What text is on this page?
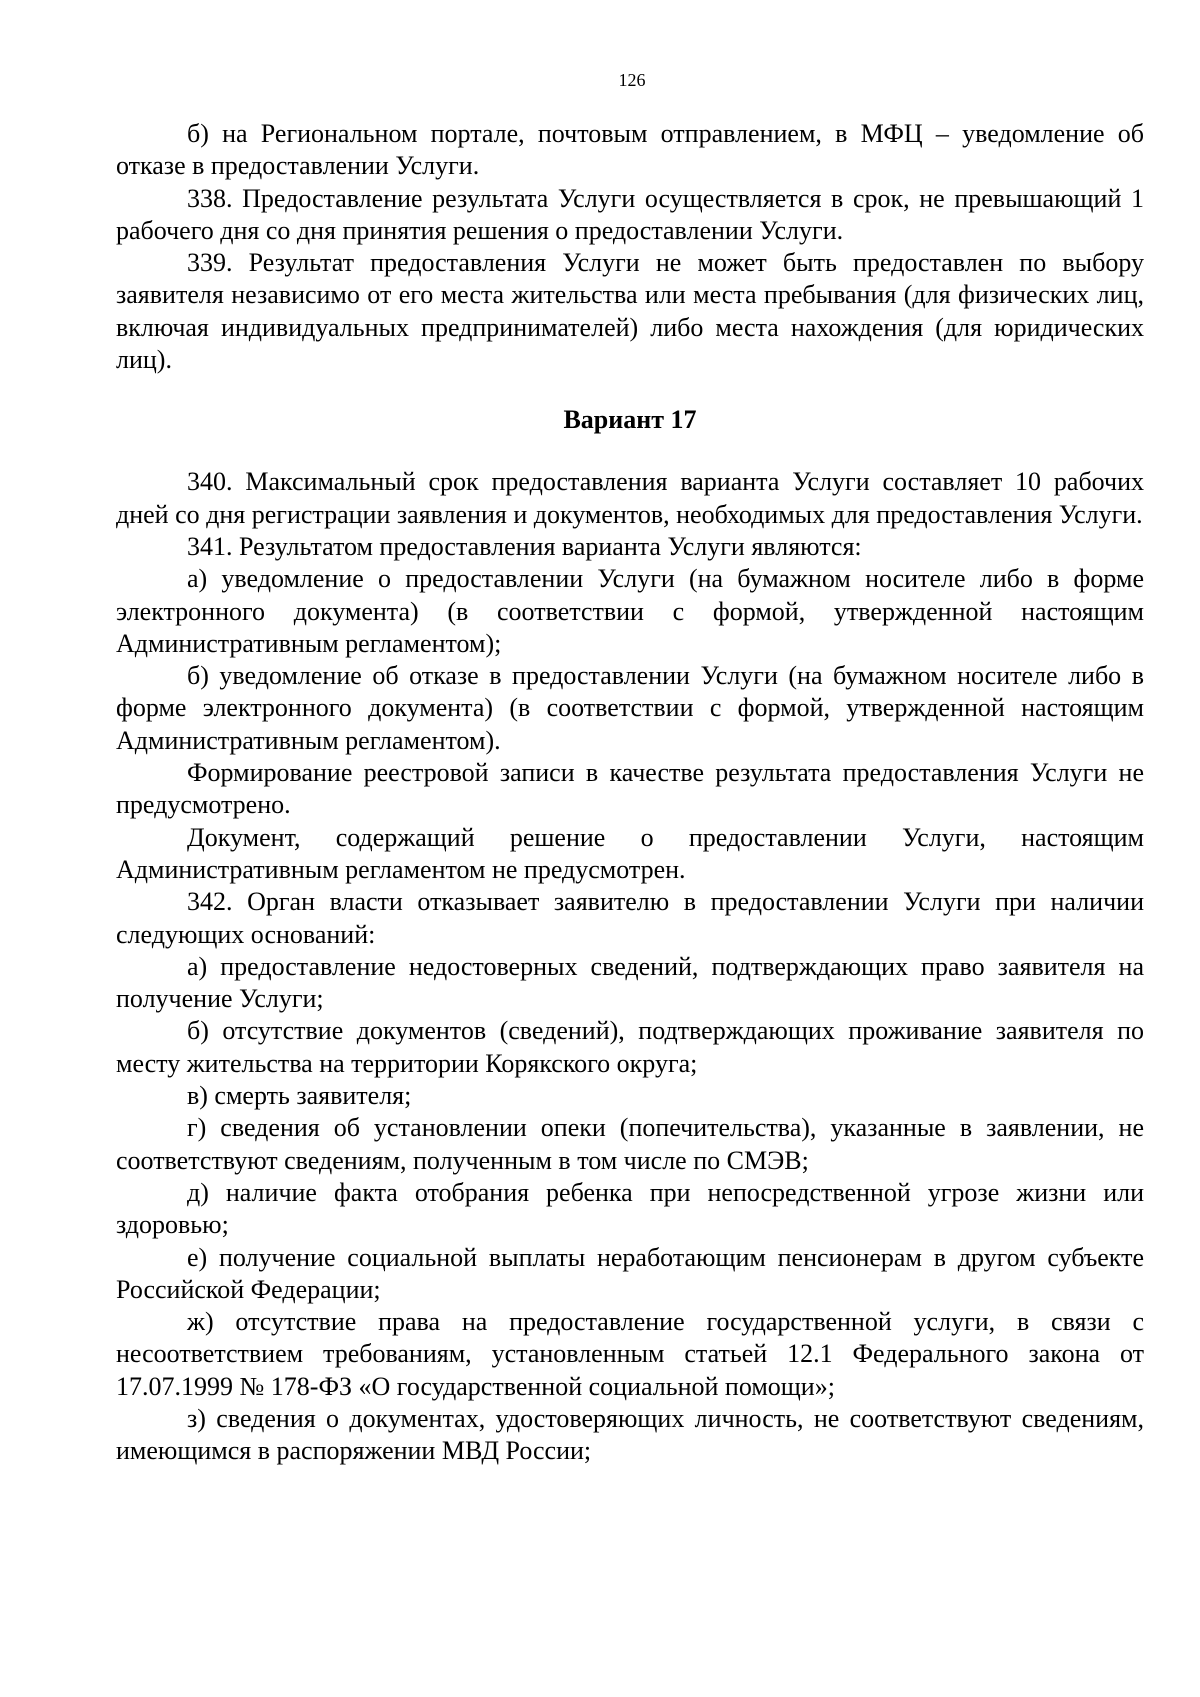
126

б) на Региональном портале, почтовым отправлением, в МФЦ – уведомление об отказе в предоставлении Услуги.

338. Предоставление результата Услуги осуществляется в срок, не превышающий 1 рабочего дня со дня принятия решения о предоставлении Услуги.

339. Результат предоставления Услуги не может быть предоставлен по выбору заявителя независимо от его места жительства или места пребывания (для физических лиц, включая индивидуальных предпринимателей) либо места нахождения (для юридических лиц).

Вариант 17

340. Максимальный срок предоставления варианта Услуги составляет 10 рабочих дней со дня регистрации заявления и документов, необходимых для предоставления Услуги.

341. Результатом предоставления варианта Услуги являются:

а) уведомление о предоставлении Услуги (на бумажном носителе либо в форме электронного документа) (в соответствии с формой, утвержденной настоящим Административным регламентом);

б) уведомление об отказе в предоставлении Услуги (на бумажном носителе либо в форме электронного документа) (в соответствии с формой, утвержденной настоящим Административным регламентом).

Формирование реестровой записи в качестве результата предоставления Услуги не предусмотрено.

Документ, содержащий решение о предоставлении Услуги, настоящим Административным регламентом не предусмотрен.

342. Орган власти отказывает заявителю в предоставлении Услуги при наличии следующих оснований:

а) предоставление недостоверных сведений, подтверждающих право заявителя на получение Услуги;

б) отсутствие документов (сведений), подтверждающих проживание заявителя по месту жительства на территории Корякского округа;

в) смерть заявителя;

г) сведения об установлении опеки (попечительства), указанные в заявлении, не соответствуют сведениям, полученным в том числе по СМЭВ;

д) наличие факта отобрания ребенка при непосредственной угрозе жизни или здоровью;

е) получение социальной выплаты неработающим пенсионерам в другом субъекте Российской Федерации;

ж) отсутствие права на предоставление государственной услуги, в связи с несоответствием требованиям, установленным статьей 12.1 Федерального закона от 17.07.1999 № 178-ФЗ «О государственной социальной помощи»;

з) сведения о документах, удостоверяющих личность, не соответствуют сведениям, имеющимся в распоряжении МВД России;
